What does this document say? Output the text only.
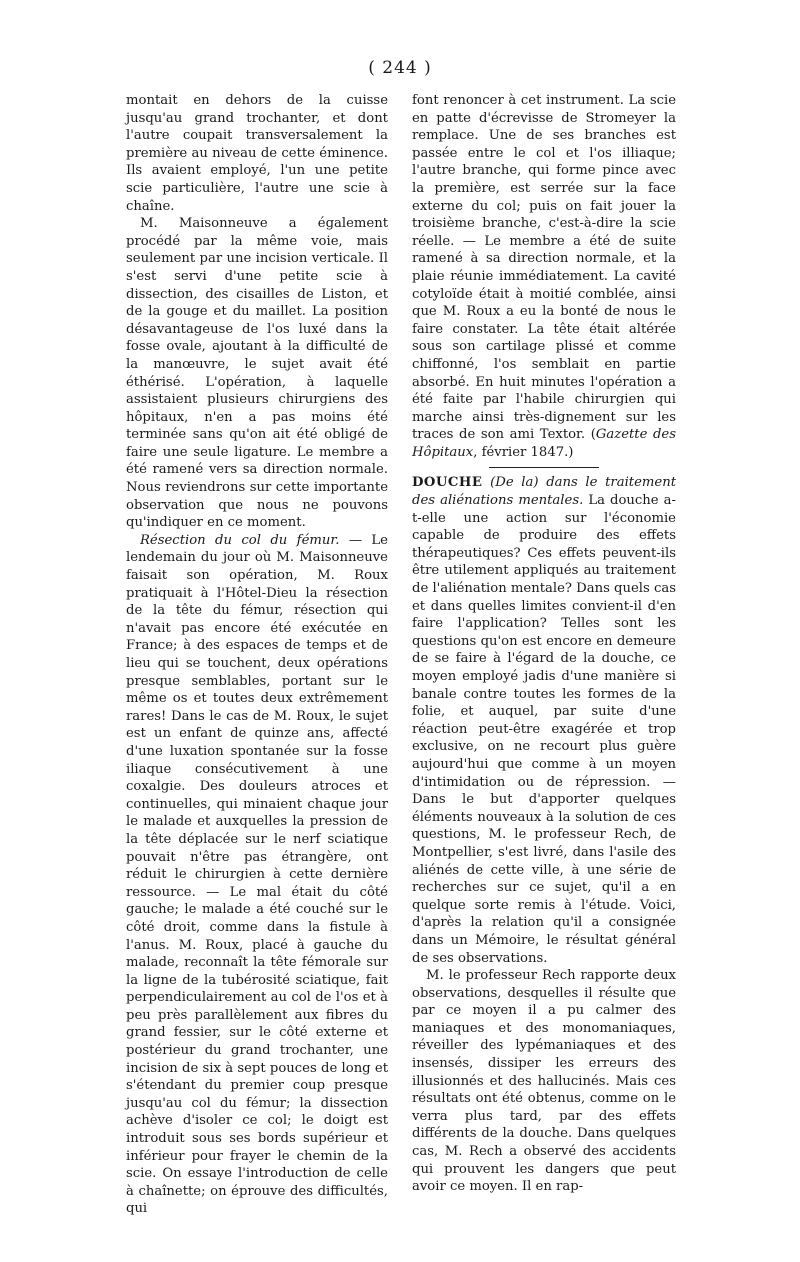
( 244 )

montait en dehors de la cuisse jusqu'au grand trochanter, et dont l'autre coupait transversalement la première au niveau de cette éminence. Ils avaient employé, l'un une petite scie particulière, l'autre une scie à chaîne.

M. Maisonneuve a également procédé par la même voie, mais seulement par une incision verticale. Il s'est servi d'une petite scie à dissection, des cisailles de Liston, et de la gouge et du maillet. La position désavantageuse de l'os luxé dans la fosse ovale, ajoutant à la difficulté de la manœuvre, le sujet avait été éthérisé. L'opération, à laquelle assistaient plusieurs chirurgiens des hôpitaux, n'en a pas moins été terminée sans qu'on ait été obligé de faire une seule ligature. Le membre a été ramené vers sa direction normale. Nous reviendrons sur cette importante observation que nous ne pouvons qu'indiquer en ce moment.

Résection du col du fémur. — Le lendemain du jour où M. Maisonneuve faisait son opération, M. Roux pratiquait à l'Hôtel-Dieu la résection de la tête du fémur, résection qui n'avait pas encore été exécutée en France; à des espaces de temps et de lieu qui se touchent, deux opérations presque semblables, portant sur le même os et toutes deux extrêmement rares! Dans le cas de M. Roux, le sujet est un enfant de quinze ans, affecté d'une luxation spontanée sur la fosse iliaque consécutivement à une coxalgie. Des douleurs atroces et continuelles, qui minaient chaque jour le malade et auxquelles la pression de la tête déplacée sur le nerf sciatique pouvait n'être pas étrangère, ont réduit le chirurgien à cette dernière ressource. — Le mal était du côté gauche; le malade a été couché sur le côté droit, comme dans la fistule à l'anus. M. Roux, placé à gauche du malade, reconnaît la tête fémorale sur la ligne de la tubérosité sciatique, fait perpendiculairement au col de l'os et à peu près parallèlement aux fibres du grand fessier, sur le côté externe et postérieur du grand trochanter, une incision de six à sept pouces de long et s'étendant du premier coup presque jusqu'au col du fémur; la dissection achève d'isoler ce col; le doigt est introduit sous ses bords supérieur et inférieur pour frayer le chemin de la scie. On essaye l'introduction de celle à chaînette; on éprouve des difficultés, qui

font renoncer à cet instrument. La scie en patte d'écrevisse de Stromeyer la remplace. Une de ses branches est passée entre le col et l'os illiaque; l'autre branche, qui forme pince avec la première, est serrée sur la face externe du col; puis on fait jouer la troisième branche, c'est-à-dire la scie réelle. — Le membre a été de suite ramené à sa direction normale, et la plaie réunie immédiatement. La cavité cotyloïde était à moitié comblée, ainsi que M. Roux a eu la bonté de nous le faire constater. La tête était altérée sous son cartilage plissé et comme chiffonné, l'os semblait en partie absorbé. En huit minutes l'opération a été faite par l'habile chirurgien qui marche ainsi très-dignement sur les traces de son ami Textor. (Gazette des Hôpitaux, février 1847.)

DOUCHE (De la) dans le traitement des aliénations mentales. La douche a-t-elle une action sur l'économie capable de produire des effets thérapeutiques? Ces effets peuvent-ils être utilement appliqués au traitement de l'aliénation mentale? Dans quels cas et dans quelles limites convient-il d'en faire l'application? Telles sont les questions qu'on est encore en demeure de se faire à l'égard de la douche, ce moyen employé jadis d'une manière si banale contre toutes les formes de la folie, et auquel, par suite d'une réaction peut-être exagérée et trop exclusive, on ne recourt plus guère aujourd'hui que comme à un moyen d'intimidation ou de répression. — Dans le but d'apporter quelques éléments nouveaux à la solution de ces questions, M. le professeur Rech, de Montpellier, s'est livré, dans l'asile des aliénés de cette ville, à une série de recherches sur ce sujet, qu'il a en quelque sorte remis à l'étude. Voici, d'après la relation qu'il a consignée dans un Mémoire, le résultat général de ses observations.

M. le professeur Rech rapporte deux observations, desquelles il résulte que par ce moyen il a pu calmer des maniaques et des monomaniaques, réveiller des lypémaniaques et des insensés, dissiper les erreurs des illusionnés et des hallucinés. Mais ces résultats ont été obtenus, comme on le verra plus tard, par des effets différents de la douche. Dans quelques cas, M. Rech a observé des accidents qui prouvent les dangers que peut avoir ce moyen. Il en rap-
